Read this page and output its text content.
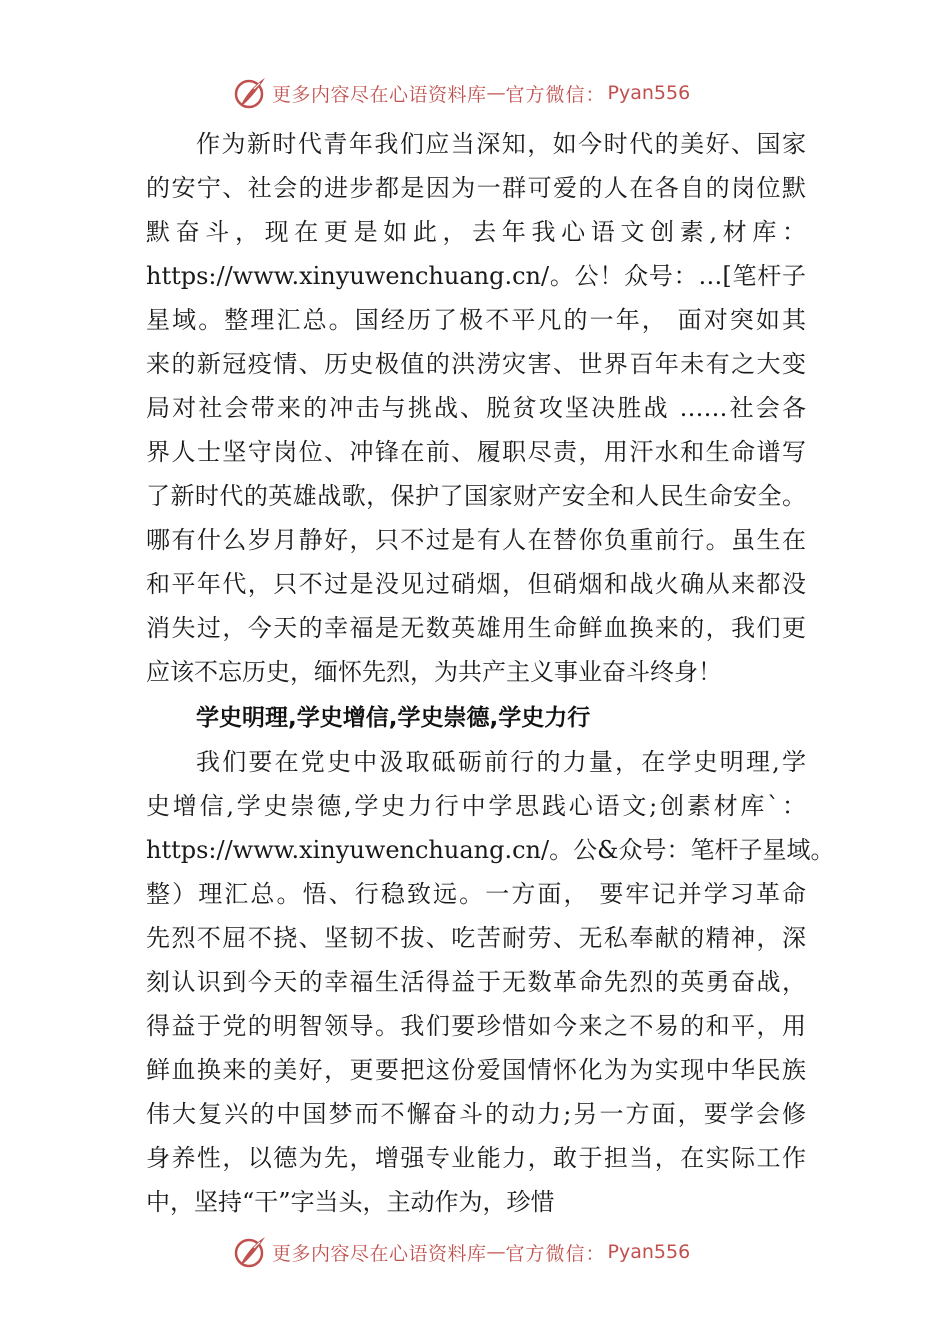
更多内容尽在心语资料库 — 官方微信： Pyan556
作为新时代青年我们应当深知，如今时代的美好、国家
的安宁、社会的进步都是因为一群可爱的人在各自的岗位默
默奋斗，现在更是如此，去年我心语文创素,材库：
https://www.xinyuwenchuang.cn/。公！众号：…[笔杆子
星域。整理汇总。国经历了极不平凡的一年， 面对突如其
来的新冠疫情、历史极值的洪涝灾害、世界百年未有之大变
局对社会带来的冲击与挑战、脱贫攻坚决胜战 ……社会各
界人士坚守岗位、冲锋在前、履职尽责，用汗水和生命谱写
了新时代的英雄战歌，保护了国家财产安全和人民生命安全。
哪有什么岁月静好，只不过是有人在替你负重前行。虽生在
和平年代，只不过是没见过硝烟，但硝烟和战火确从来都没
消失过，今天的幸福是无数英雄用生命鲜血换来的，我们更
应该不忘历史，缅怀先烈，为共产主义事业奋斗终身！
学史明理,学史增信,学史崇德,学史力行
我们要在党史中汲取砥砺前行的力量，在学史明理,学
史增信,学史崇德,学史力行中学思践心语文;创素材库`：
https://www.xinyuwenchuang.cn/。公&众号：笔杆子星域。
整）理汇总。悟、行稳致远。一方面， 要牢记并学习革命
先烈不屈不挠、坚韧不拔、吃苦耐劳、无私奉献的精神，深
刻认识到今天的幸福生活得益于无数革命先烈的英勇奋战，
得益于党的明智领导。我们要珍惜如今来之不易的和平，用
鲜血换来的美好，更要把这份爱国情怀化为为实现中华民族
伟大复兴的中国梦而不懈奋斗的动力;另一方面，要学会修
身养性，以德为先，增强专业能力，敢于担当，在实际工作
中，坚持“干”字当头，主动作为，珍惜
更多内容尽在心语资料库 — 官方微信： Pyan556
